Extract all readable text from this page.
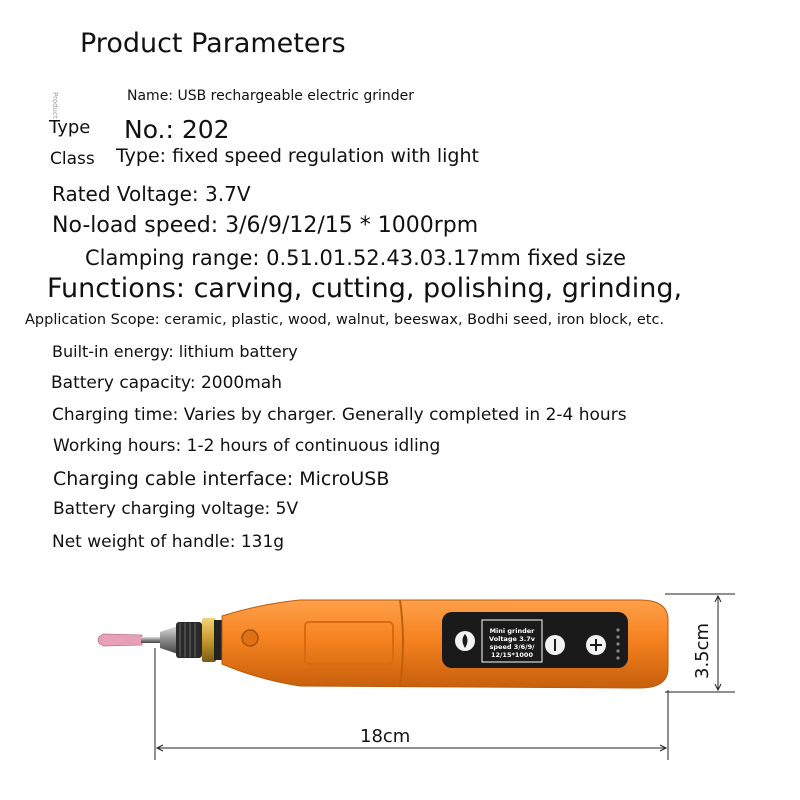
Product Parameters
Product	Name: USB rechargeable electric grinder
Type No.: 202
Class Type: fixed speed regulation with light
Rated Voltage: 3.7V
No-load speed: 3/6/9/12/15 * 1000rpm
Clamping range: 0.51.01.52.43.03.17mm fixed size
Functions: carving, cutting, polishing, grinding,
Application Scope: ceramic, plastic, wood, walnut, beeswax, Bodhi seed, iron block, etc.
Built-in energy: lithium battery
Battery capacity: 2000mah
Charging time: Varies by charger. Generally completed in 2-4 hours
Working hours: 1-2 hours of continuous idling
Charging cable interface: MicroUSB
Battery charging voltage: 5V
Net weight of handle: 131g
Mini grinder
Voltage 3.7v
speed 3/6/9/
12/15*1000
18cm
3.5cm
